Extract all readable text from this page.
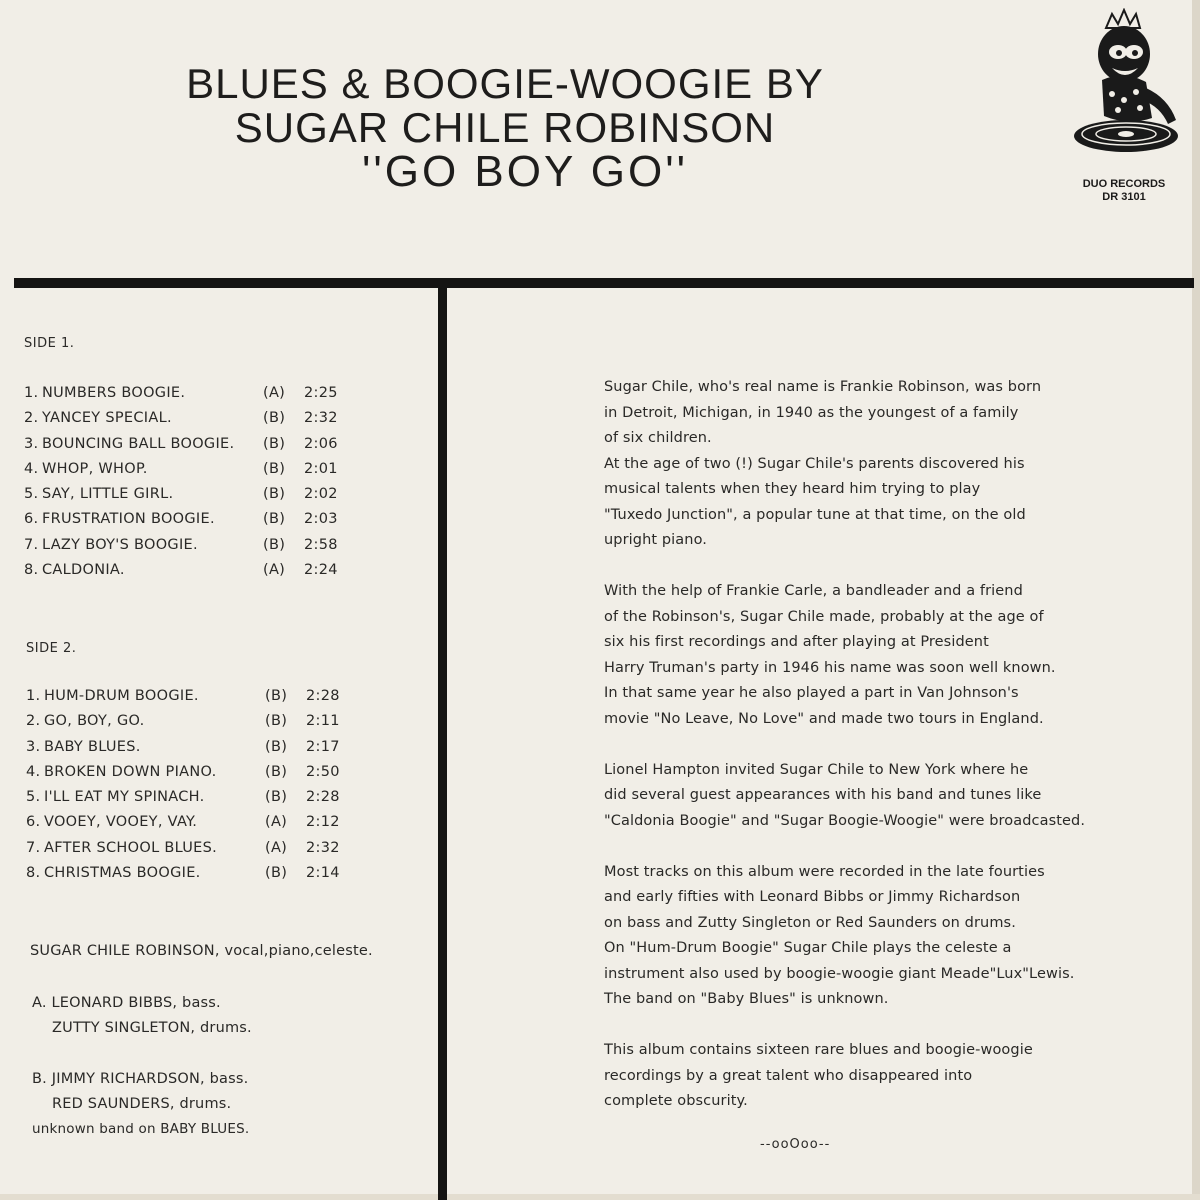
BLUES & BOOGIE-WOOGIE BY
SUGAR CHILE ROBINSON
''GO BOY GO''	DUO RECORDS
DR 3101
SIDE 1.
1. NUMBERS BOOGIE.	(A) 2:25
2. YANCEY SPECIAL.	(B) 2:32
3. BOUNCING BALL BOOGIE. (B) 2:06
4. WHOP, WHOP.	(B) 2:01
5. SAY, LITTLE GIRL.	(B) 2:02
6. FRUSTRATION BOOGIE.	(B) 2:03
7. LAZY BOY'S BOOGIE.	(B) 2:58
8. CALDONIA.	(A) 2:24
SIDE 2.
1. HUM-DRUM BOOGIE.	(B) 2:28
2. GO, BOY, GO.	(B) 2:11
3. BABY BLUES.	(B) 2:17
4. BROKEN DOWN PIANO.	(B) 2:50
5. I'LL EAT MY SPINACH.	(B) 2:28
6. VOOEY, VOOEY, VAY.	(A) 2:12
7. AFTER SCHOOL BLUES.	(A) 2:32
8. CHRISTMAS BOOGIE.	(B) 2:14
SUGAR CHILE ROBINSON, vocal,piano,celeste.
A. LEONARD BIBBS, bass.
ZUTTY SINGLETON, drums.
B. JIMMY RICHARDSON, bass.
RED SAUNDERS, drums.
unknown band on BABY BLUES.

Sugar Chile, who's real name is Frankie Robinson, was born
in Detroit, Michigan, in 1940 as the youngest of a family
of six children.
At the age of two (!) Sugar Chile's parents discovered his
musical talents when they heard him trying to play
"Tuxedo Junction", a popular tune at that time, on the old
upright piano.

With the help of Frankie Carle, a bandleader and a friend
of the Robinson's, Sugar Chile made, probably at the age of
six his first recordings and after playing at President
Harry Truman's party in 1946 his name was soon well known.
In that same year he also played a part in Van Johnson's
movie "No Leave, No Love" and made two tours in England.

Lionel Hampton invited Sugar Chile to New York where he
did several guest appearances with his band and tunes like
"Caldonia Boogie" and "Sugar Boogie-Woogie" were broadcasted.

Most tracks on this album were recorded in the late fourties
and early fifties with Leonard Bibbs or Jimmy Richardson
on bass and Zutty Singleton or Red Saunders on drums.
On "Hum-Drum Boogie" Sugar Chile plays the celeste a
instrument also used by boogie-woogie giant Meade"Lux"Lewis.
The band on "Baby Blues" is unknown.

This album contains sixteen rare blues and boogie-woogie
recordings by a great talent who disappeared into
complete obscurity.

--ooOoo--
